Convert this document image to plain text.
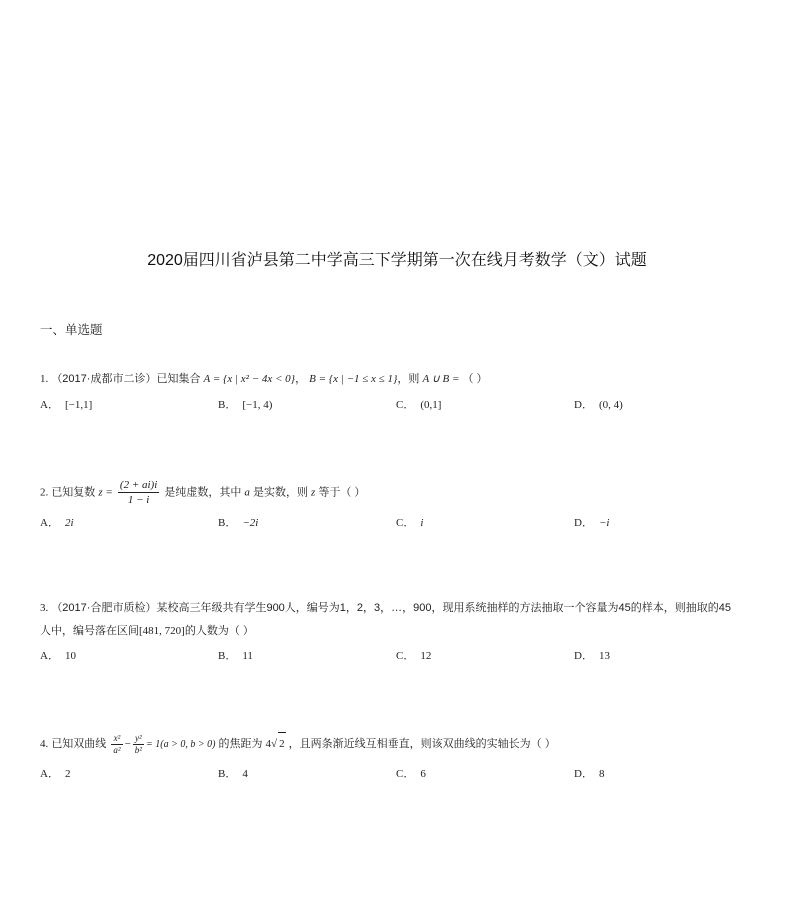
2020届四川省泸县第二中学高三下学期第一次在线月考数学（文）试题
一、单选题
1. （2017·成都市二诊）已知集合 A = {x | x² − 4x < 0}， B = {x | −1 ≤ x ≤ 1}，则 A ∪ B = （ ）
A． [−1,1]	B． [−1, 4)	C． (0,1]	D． (0, 4)
2. 已知复数 $z = \frac{(2 + ai)i}{1 - i}$ 是纯虚数，其中 a 是实数，则 z 等于（ ）
A． 2i	B． −2i	C． i	D． −i
3. （2017·合肥市质检）某校高三年级共有学生900人，编号为1，2，3，…，900，现用系统抽样的方法抽取一个容量为45的样本，则抽取的45
人中，编号落在区间[481, 720]的人数为（ ）
A． 10	B． 11	C． 12	D． 13
4. 已知双曲线 $\frac{\text{x²}}{\text{a²}} - \frac{\text{y²}}{\text{b²}} = 1(a > 0$, b > 0) 的焦距为 4√ 2 ，且两条渐近线互相垂直，则该双曲线的实轴长为（ ）
A． 2	B． 4	C． 6	D． 8
